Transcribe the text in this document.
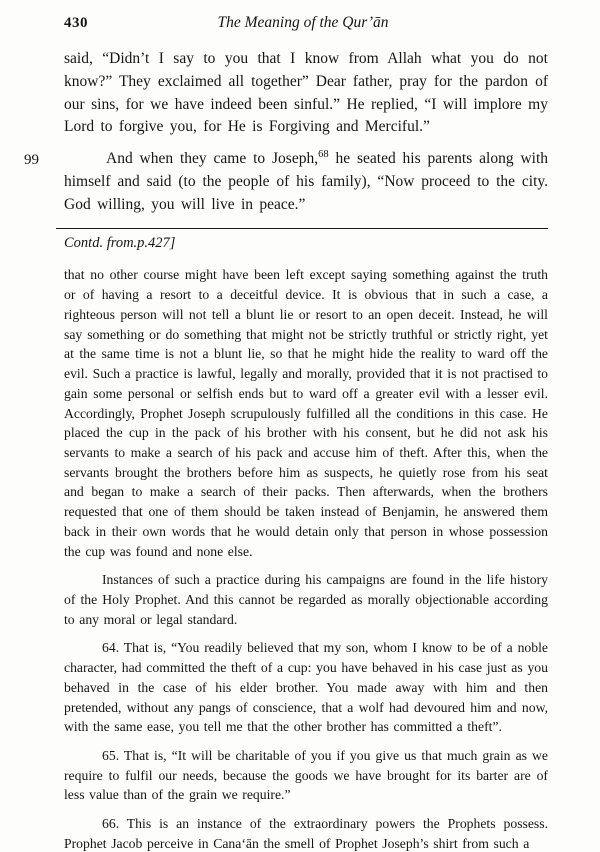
430	The Meaning of the Qur’ān

said, “Didn’t I say to you that I know from Allah what you do not know?” They exclaimed all together” Dear father, pray for the pardon of our sins, for we have indeed been sinful.” He replied, “I will implore my Lord to forgive you, for He is Forgiving and Merciful.”

99	And when they came to Joseph,$^{68}$ he seated his parents along with himself and said (to the people of his family), “Now proceed to the city. God willing, you will live in peace.”

Contd. from.p.427]

that no other course might have been left except saying something against the truth or of having a resort to a deceitful device. It is obvious that in such a case, a righteous person will not tell a blunt lie or resort to an open deceit. Instead, he will say something or do something that might not be strictly truthful or strictly right, yet at the same time is not a blunt lie, so that he might hide the reality to ward off the evil. Such a practice is lawful, legally and morally, provided that it is not practised to gain some personal or selfish ends but to ward off a greater evil with a lesser evil. Accordingly, Prophet Joseph scrupulously fulfilled all the conditions in this case. He placed the cup in the pack of his brother with his consent, but he did not ask his servants to make a search of his pack and accuse him of theft. After this, when the servants brought the brothers before him as suspects, he quietly rose from his seat and began to make a search of their packs. Then afterwards, when the brothers requested that one of them should be taken instead of Benjamin, he answered them back in their own words that he would detain only that person in whose possession the cup was found and none else.

Instances of such a practice during his campaigns are found in the life history of the Holy Prophet. And this cannot be regarded as morally objectionable according to any moral or legal standard.

64. That is, “You readily believed that my son, whom I know to be of a noble character, had committed the theft of a cup: you have behaved in his case just as you behaved in the case of his elder brother. You made away with him and then pretended, without any pangs of conscience, that a wolf had devoured him and now, with the same ease, you tell me that the other brother has committed a theft”.

65. That is, “It will be charitable of you if you give us that much grain as we require to fulfil our needs, because the goods we have brought for its barter are of less value than of the grain we require.”

66. This is an instance of the extraordinary powers the Prophets possess. Prophet Jacob perceive in Cana‘ān the smell of Prophet Joseph’s shirt from such a
